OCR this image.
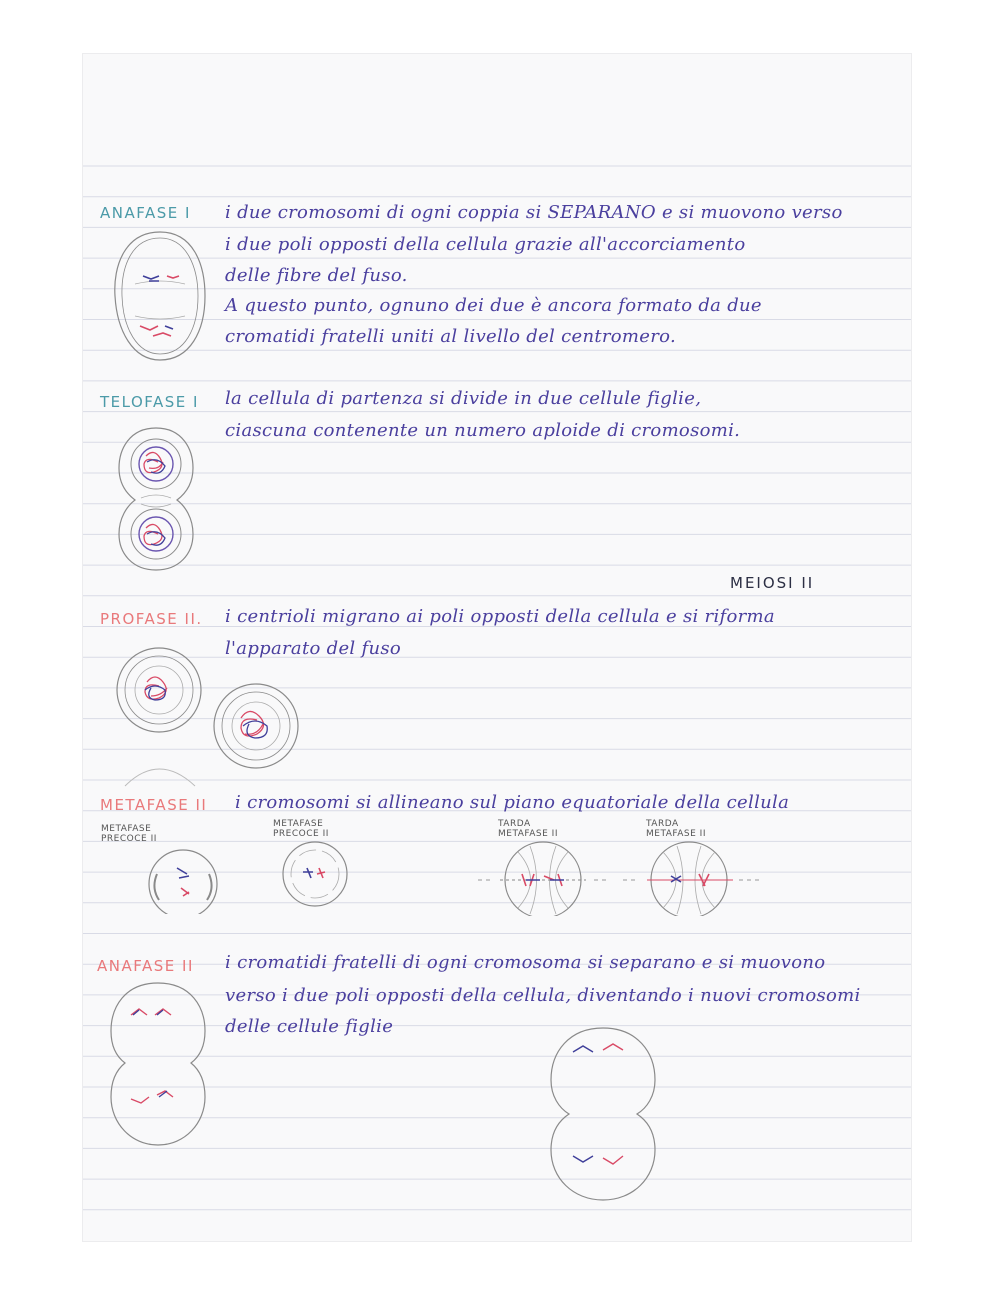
ANAFASE I i due cromosomi di ogni coppia si SEPARANO e si muovono verso
i due poli opposti della cellula grazie all'accorciamento
delle fibre del fuso.
A questo punto, ognuno dei due è ancora formato da due
cromatidi fratelli uniti al livello del centromero.
TELOFASE I la cellula di partenza si divide in due cellule figlie,
ciascuna contenente un numero aploide di cromosomi.
MEIOSI II
PROFASE II. i centrioli migrano ai poli opposti della cellula e si riforma
l'apparato del fuso
METAFASE II i cromosomi si allineano sul piano equatoriale della cellula
METAFASE
PRECOCE II
METAFASE
PRECOCE II
TARDA
METAFASE II
TARDA
METAFASE II
ANAFASE II i cromatidi fratelli di ogni cromosoma si separano e si muovono
verso i due poli opposti della cellula, diventando i nuovi cromosomi
delle cellule figlie
